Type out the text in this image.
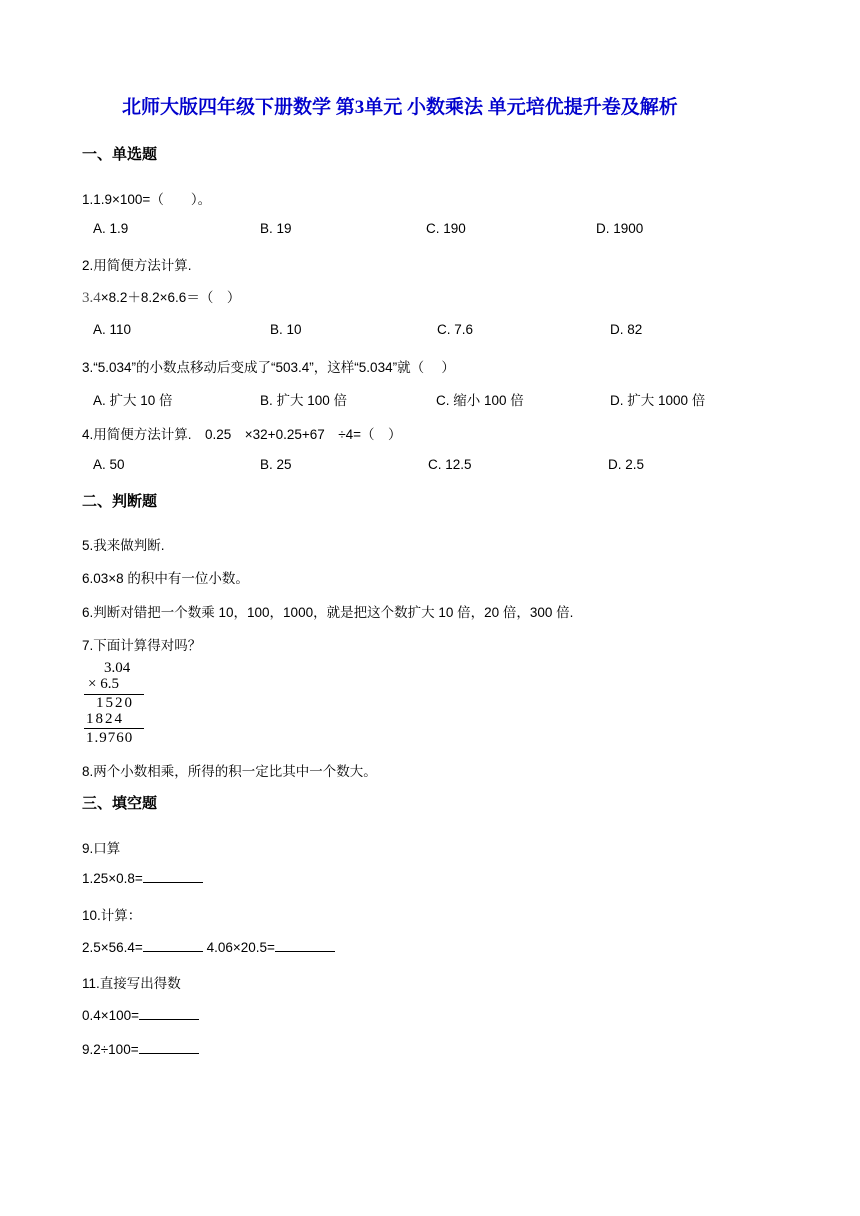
北师大版四年级下册数学 第3单元 小数乘法 单元培优提升卷及解析
一、单选题
1.1.9×100=（　　）。
A. 1.9	B. 19	C. 190	D. 1900
2.用简便方法计算.
3.4×8.2＋8.2×6.6＝（　）
A. 110	B. 10	C. 7.6	D. 82
3.“5.034”的小数点移动后变成了“503.4”，这样“5.034”就（　 ）
A. 扩大 10 倍	B. 扩大 100 倍	C. 缩小 100 倍	D. 扩大 1000 倍
4.用简便方法计算.　0.25　×32+0.25+67　÷4=（　）
A. 50	B. 25	C. 12.5	D. 2.5
二、判断题
5.我来做判断.
6.03×8 的积中有一位小数。
6.判断对错把一个数乘 10，100，1000，就是把这个数扩大 10 倍，20 倍，300 倍.
7.下面计算得对吗？
3.04
× 6.5
1520
1824
1.9760
8.两个小数相乘，所得的积一定比其中一个数大。
三、填空题
9.口算
1.25×0.8=
10.计算：
2.5×56.4=	4.06×20.5=
11.直接写出得数
0.4×100=
9.2÷100=
